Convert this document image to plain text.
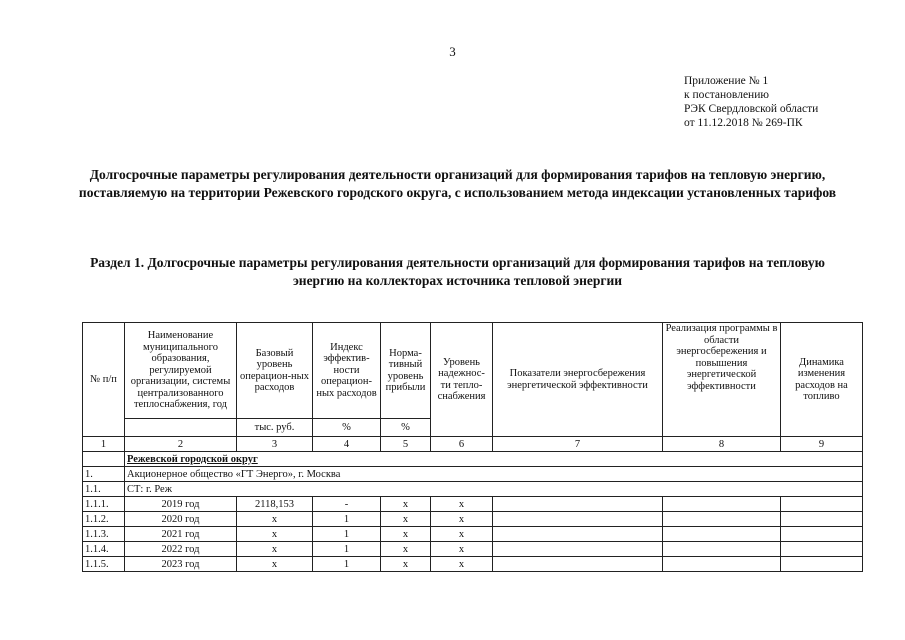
3
Приложение № 1
к постановлению
РЭК Свердловской области
от 11.12.2018 № 269-ПК
Долгосрочные параметры регулирования деятельности организаций для формирования тарифов на тепловую энергию, поставляемую на территории Режевского городского округа, с использованием метода индексации установленных тарифов
Раздел 1. Долгосрочные параметры регулирования деятельности организаций для формирования тарифов на тепловую энергию на коллекторах источника тепловой энергии
№ п/п	Наименование муниципального образования, регулируемой организации, системы централизованного теплоснабжения, год	Базовый уровень операцион-ных расходов	Индекс эффектив-ности операцион-ных расходов	Норма-тивный уровень прибыли	Уровень надежнос-ти тепло-снабжения	Показатели энергосбережения энергетической эффективности	Реализация программы в области энергосбережения и повышения энергетической эффективности	Динамика изменения расходов на топливо
		тыс. руб.	%	%				
1	2	3	4	5	6	7	8	9
	Режевской городской округ							
1.	Акционерное общество «ГТ Энерго», г. Москва							
1.1.	СТ: г. Реж							
1.1.1.	2019 год	2118,153	-	х	х			
1.1.2.	2020 год	х	1	х	х			
1.1.3.	2021 год	х	1	х	х			
1.1.4.	2022 год	х	1	х	х			
1.1.5.	2023 год	х	1	х	х			
